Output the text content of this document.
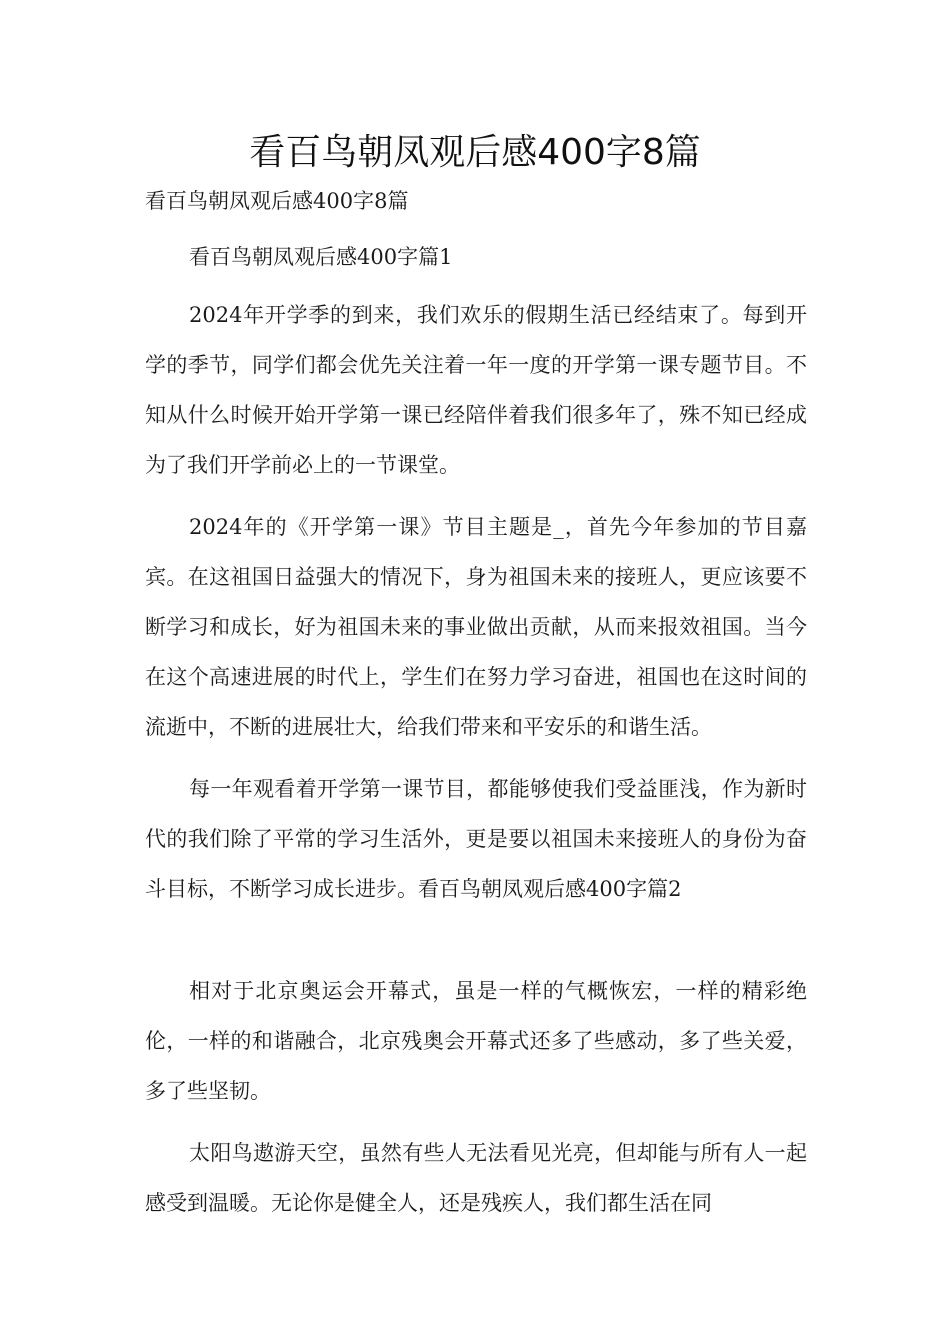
看百鸟朝凤观后感400字8篇

看百鸟朝凤观后感400字8篇

看百鸟朝凤观后感400字篇1

2024年开学季的到来，我们欢乐的假期生活已经结束了。每到开学的季节，同学们都会优先关注着一年一度的开学第一课专题节目。不知从什么时候开始开学第一课已经陪伴着我们很多年了，殊不知已经成为了我们开学前必上的一节课堂。

2024年的《开学第一课》节目主题是_，首先今年参加的节目嘉宾。在这祖国日益强大的情况下，身为祖国未来的接班人，更应该要不断学习和成长，好为祖国未来的事业做出贡献，从而来报效祖国。当今在这个高速进展的时代上，学生们在努力学习奋进，祖国也在这时间的流逝中，不断的进展壮大，给我们带来和平安乐的和谐生活。

每一年观看着开学第一课节目，都能够使我们受益匪浅，作为新时代的我们除了平常的学习生活外，更是要以祖国未来接班人的身份为奋斗目标，不断学习成长进步。看百鸟朝凤观后感400字篇2

相对于北京奥运会开幕式，虽是一样的气概恢宏，一样的精彩绝伦，一样的和谐融合，北京残奥会开幕式还多了些感动，多了些关爱，多了些坚韧。

太阳鸟遨游天空，虽然有些人无法看见光亮，但却能与所有人一起感受到温暖。无论你是健全人，还是残疾人，我们都生活在同
